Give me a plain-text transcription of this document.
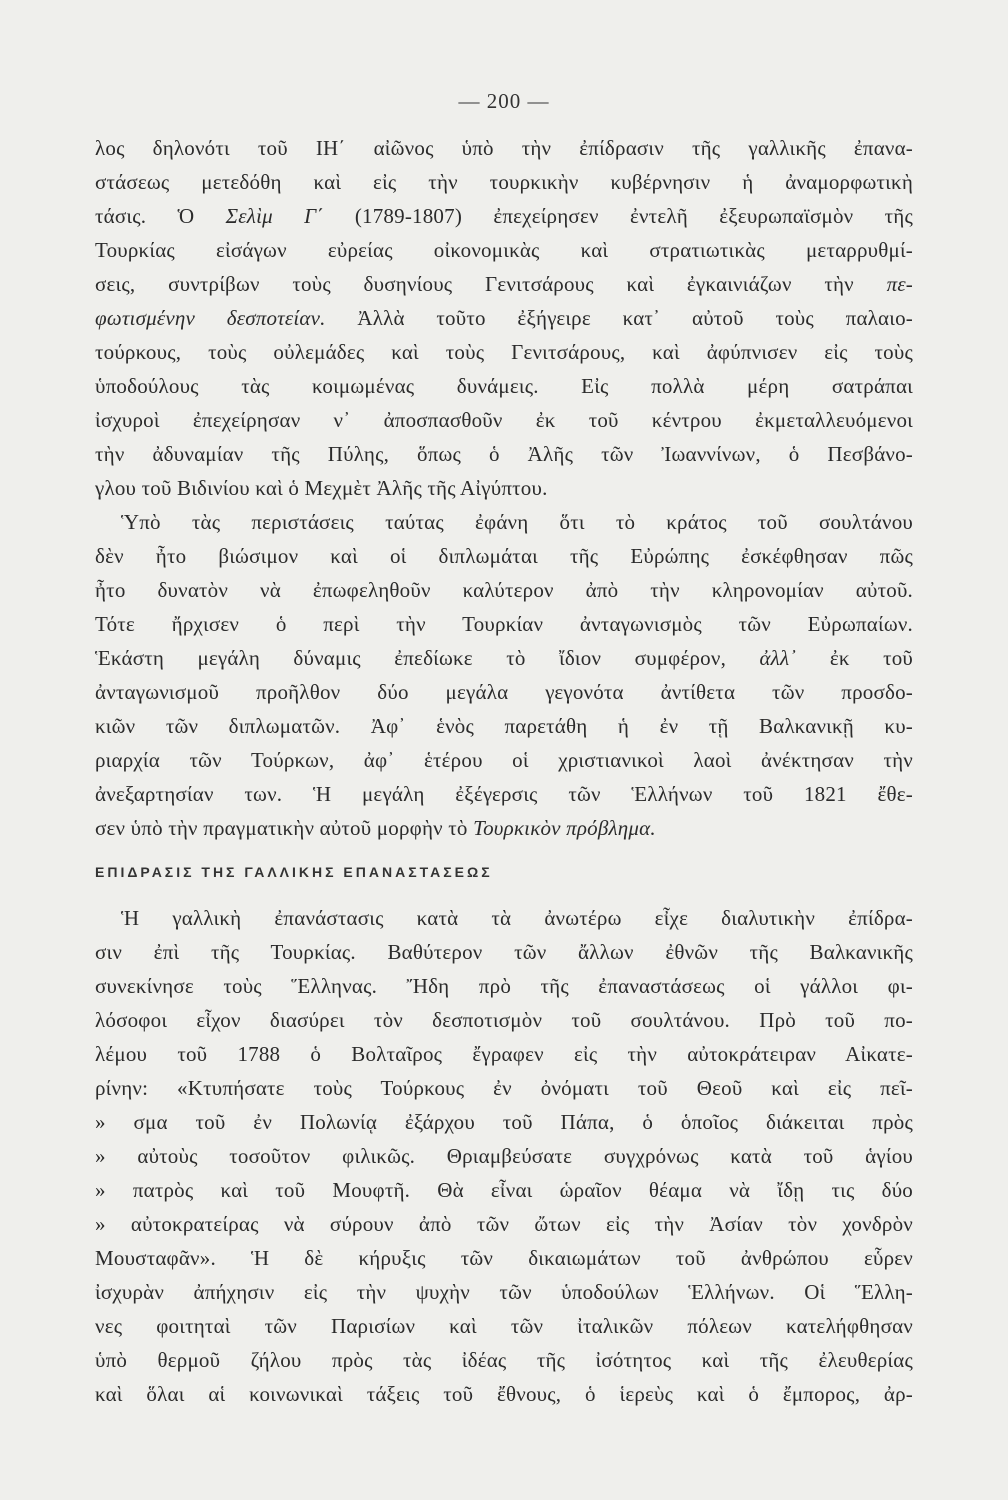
— 200 —
λος δηλονότι τοῦ ΙΗ΄ αἰῶνος ὑπὸ τὴν ἐπίδρασιν τῆς γαλλικῆς ἐπανα-
στάσεως μετεδόθη καὶ εἰς τὴν τουρκικὴν κυβέρνησιν ἡ ἀναμορφωτικὴ
τάσις. Ὁ Σελὶμ Γ΄ (1789-1807) ἐπεχείρησεν ἐντελῆ ἐξευρωπαϊσμὸν τῆς
Τουρκίας εἰσάγων εὐρείας οἰκονομικὰς καὶ στρατιωτικὰς μεταρρυθμί-
σεις, συντρίβων τοὺς δυσηνίους Γενιτσάρους καὶ ἐγκαινιάζων τὴν πε-
φωτισμένην δεσποτείαν. Ἀλλὰ τοῦτο ἐξήγειρε κατ᾿ αὐτοῦ τοὺς παλαιο-
τούρκους, τοὺς οὐλεμάδες καὶ τοὺς Γενιτσάρους, καὶ ἀφύπνισεν εἰς τοὺς
ὑποδούλους τὰς κοιμωμένας δυνάμεις. Εἰς πολλὰ μέρη σατράπαι
ἰσχυροὶ ἐπεχείρησαν ν᾿ ἀποσπασθοῦν ἐκ τοῦ κέντρου ἐκμεταλλευόμενοι
τὴν ἀδυναμίαν τῆς Πύλης, ὅπως ὁ Ἀλῆς τῶν Ἰωαννίνων, ὁ Πεσβάνο-
γλου τοῦ Βιδινίου καὶ ὁ Μεχμὲτ Ἀλῆς τῆς Αἰγύπτου.
Ὑπὸ τὰς περιστάσεις ταύτας ἐφάνη ὅτι τὸ κράτος τοῦ σουλτάνου
δὲν ἦτο βιώσιμον καὶ οἱ διπλωμάται τῆς Εὐρώπης ἐσκέφθησαν πῶς
ἦτο δυνατὸν νὰ ἐπωφεληθοῦν καλύτερον ἀπὸ τὴν κληρονομίαν αὐτοῦ.
Τότε ἤρχισεν ὁ περὶ τὴν Τουρκίαν ἀνταγωνισμὸς τῶν Εὐρωπαίων.
Ἑκάστη μεγάλη δύναμις ἐπεδίωκε τὸ ἴδιον συμφέρον, ἀλλ᾿ ἐκ τοῦ
ἀνταγωνισμοῦ προῆλθον δύο μεγάλα γεγονότα ἀντίθετα τῶν προσδο-
κιῶν τῶν διπλωματῶν. Ἀφ᾿ ἑνὸς παρετάθη ἡ ἐν τῇ Βαλκανικῇ κυ-
ριαρχία τῶν Τούρκων, ἀφ᾿ ἑτέρου οἱ χριστιανικοὶ λαοὶ ἀνέκτησαν τὴν
ἀνεξαρτησίαν των. Ἡ μεγάλη ἐξέγερσις τῶν Ἑλλήνων τοῦ 1821 ἔθε-
σεν ὑπὸ τὴν πραγματικὴν αὐτοῦ μορφὴν τὸ Τουρκικὸν πρόβλημα.
ΕΠΙΔΡΑΣΙΣ ΤΗΣ ΓΑΛΛΙΚΗΣ ΕΠΑΝΑΣΤΑΣΕΩΣ
Ἡ γαλλικὴ ἐπανάστασις κατὰ τὰ ἀνωτέρω εἶχε διαλυτικὴν ἐπίδρα-
σιν ἐπὶ τῆς Τουρκίας. Βαθύτερον τῶν ἄλλων ἐθνῶν τῆς Βαλκανικῆς
συνεκίνησε τοὺς Ἕλληνας. Ἤδη πρὸ τῆς ἐπαναστάσεως οἱ γάλλοι φι-
λόσοφοι εἶχον διασύρει τὸν δεσποτισμὸν τοῦ σουλτάνου. Πρὸ τοῦ πο-
λέμου τοῦ 1788 ὁ Βολταῖρος ἔγραφεν εἰς τὴν αὐτοκράτειραν Αἰκατε-
ρίνην: «Κτυπήσατε τοὺς Τούρκους ἐν ὀνόματι τοῦ Θεοῦ καὶ εἰς πεῖ-
» σμα τοῦ ἐν Πολωνίᾳ ἐξάρχου τοῦ Πάπα, ὁ ὁποῖος διάκειται πρὸς
» αὐτοὺς τοσοῦτον φιλικῶς. Θριαμβεύσατε συγχρόνως κατὰ τοῦ ἁγίου
» πατρὸς καὶ τοῦ Μουφτῆ. Θὰ εἶναι ὡραῖον θέαμα νὰ ἴδῃ τις δύο
» αὐτοκρατείρας νὰ σύρουν ἀπὸ τῶν ὤτων εἰς τὴν Ἀσίαν τὸν χονδρὸν
Μουσταφᾶν». Ἡ δὲ κήρυξις τῶν δικαιωμάτων τοῦ ἀνθρώπου εὗρεν
ἰσχυρὰν ἀπήχησιν εἰς τὴν ψυχὴν τῶν ὑποδούλων Ἑλλήνων. Οἱ Ἕλλη-
νες φοιτηταὶ τῶν Παρισίων καὶ τῶν ἰταλικῶν πόλεων κατελήφθησαν
ὑπὸ θερμοῦ ζήλου πρὸς τὰς ἰδέας τῆς ἰσότητος καὶ τῆς ἐλευθερίας
καὶ ὅλαι αἱ κοινωνικαὶ τάξεις τοῦ ἔθνους, ὁ ἱερεὺς καὶ ὁ ἔμπορος, ἀρ-
